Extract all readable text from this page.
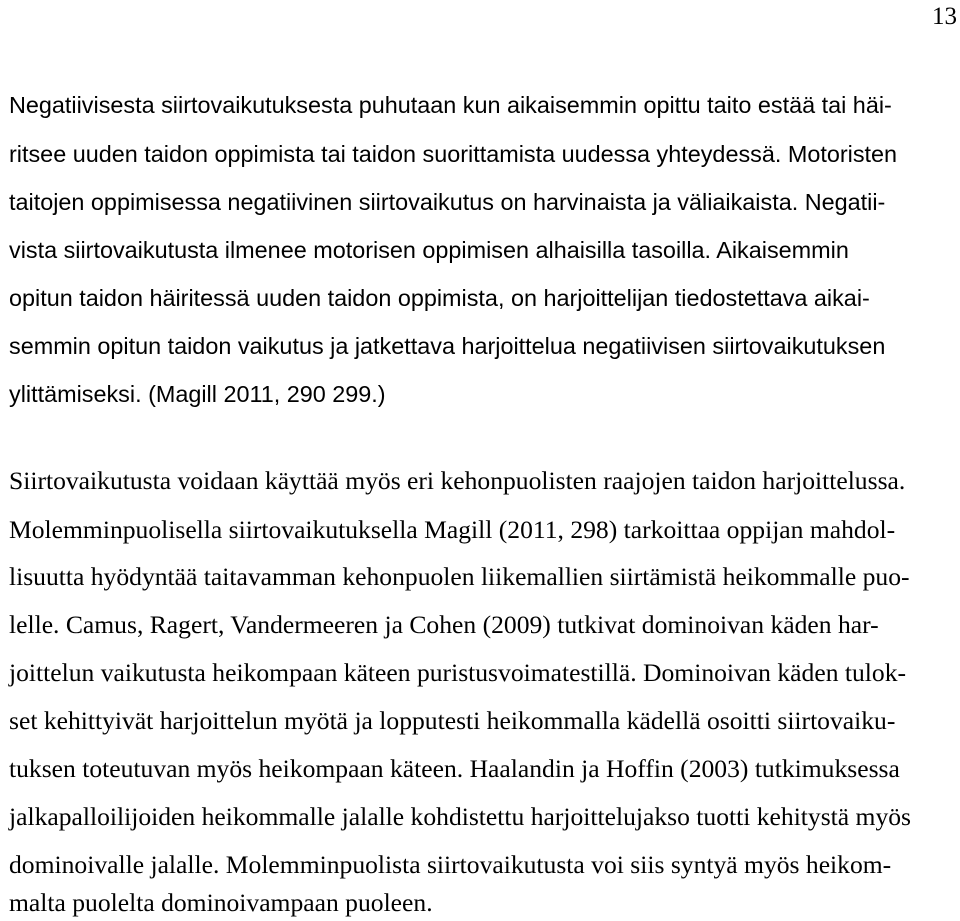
13
Negatiivisesta siirtovaikutuksesta puhutaan kun aikaisemmin opittu taito estää tai häi-
ritsee uuden taidon oppimista tai taidon suorittamista uudessa yhteydessä. Motoristen
taitojen oppimisessa negatiivinen siirtovaikutus on harvinaista ja väliaikaista. Negatii-
vista siirtovaikutusta ilmenee motorisen oppimisen alhaisilla tasoilla. Aikaisemmin
opitun taidon häiritessä uuden taidon oppimista, on harjoittelijan tiedostettava aikai-
semmin opitun taidon vaikutus ja jatkettava harjoittelua negatiivisen siirtovaikutuksen
ylittämiseksi. (Magill 2011, 290 299.)
Siirtovaikutusta voidaan käyttää myös eri kehonpuolisten raajojen taidon harjoittelussa.
Molemminpuolisella siirtovaikutuksella Magill (2011, 298) tarkoittaa oppijan mahdol-
lisuutta hyödyntää taitavamman kehonpuolen liikemallien siirtämistä heikommalle puo-
lelle. Camus, Ragert, Vandermeeren ja Cohen (2009) tutkivat dominoivan käden har-
joittelun vaikutusta heikompaan käteen puristusvoimatestillä. Dominoivan käden tulok-
set kehittyivät harjoittelun myötä ja lopputesti heikommalla kädellä osoitti siirtovaiku-
tuksen toteutuvan myös heikompaan käteen. Haalandin ja Hoffin (2003) tutkimuksessa
jalkapalloilijoiden heikommalle jalalle kohdistettu harjoittelujakso tuotti kehitystä myös
dominoivalle jalalle. Molemminpuolista siirtovaikutusta voi siis syntyä myös heikom-
malta puolelta dominoivampaan puoleen.
